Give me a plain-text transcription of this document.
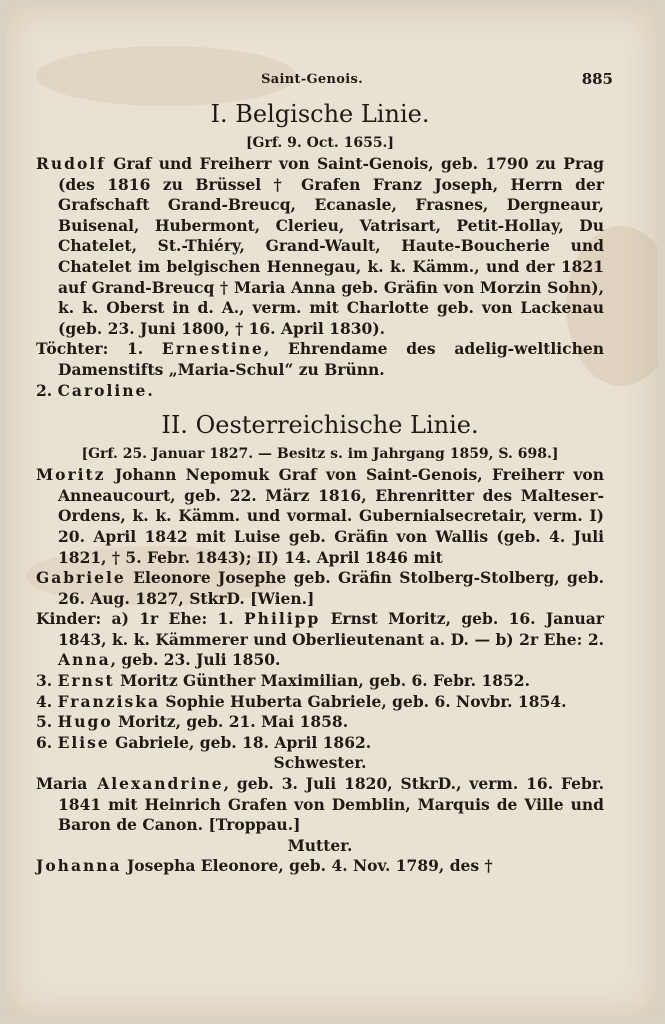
Saint-Genois.	885
I. Belgische Linie.
[Grf. 9. Oct. 1655.]

Rudolf Graf und Freiherr von Saint-Genois, geb. 1790 zu Prag (des 1816 zu Brüssel † Grafen Franz Joseph, Herrn der Grafschaft Grand-Breucq, Ecanasle, Frasnes, Dergneaur, Buisenal, Hubermont, Clerieu, Vatrisart, Petit-Hollay, Du Chatelet, St.-Thiéry, Grand-Wault, Haute-Boucherie und Chatelet im belgischen Hennegau, k. k. Kämm., und der 1821 auf Grand-Breucq † Maria Anna geb. Gräfin von Morzin Sohn), k. k. Oberst in d. A., verm. mit Charlotte geb. von Lackenau (geb. 23. Juni 1800, † 16. April 1830).

Töchter: 1. Ernestine, Ehrendame des adelig-weltlichen Damenstifts „Maria-Schul“ zu Brünn.

2. Caroline.

II. Oesterreichische Linie.
[Grf. 25. Januar 1827. — Besitz s. im Jahrgang 1859, S. 698.]

Moritz Johann Nepomuk Graf von Saint-Genois, Freiherr von Anneaucourt, geb. 22. März 1816, Ehrenritter des Malteser-Ordens, k. k. Kämm. und vormal. Gubernialsecretair, verm. I) 20. April 1842 mit Luise geb. Gräfin von Wallis (geb. 4. Juli 1821, † 5. Febr. 1843); II) 14. April 1846 mit

Gabriele Eleonore Josephe geb. Gräfin Stolberg-Stolberg, geb. 26. Aug. 1827, StkrD. [Wien.]

Kinder: a) 1r Ehe: 1. Philipp Ernst Moritz, geb. 16. Januar 1843, k. k. Kämmerer und Oberlieutenant a. D. — b) 2r Ehe: 2. Anna, geb. 23. Juli 1850.

3. Ernst Moritz Günther Maximilian, geb. 6. Febr. 1852.

4. Franziska Sophie Huberta Gabriele, geb. 6. Novbr. 1854.

5. Hugo Moritz, geb. 21. Mai 1858.

6. Elise Gabriele, geb. 18. April 1862.

Schwester.

Maria Alexandrine, geb. 3. Juli 1820, StkrD., verm. 16. Febr. 1841 mit Heinrich Grafen von Demblin, Marquis de Ville und Baron de Canon. [Troppau.]

Mutter.

Johanna Josepha Eleonore, geb. 4. Nov. 1789, des †
